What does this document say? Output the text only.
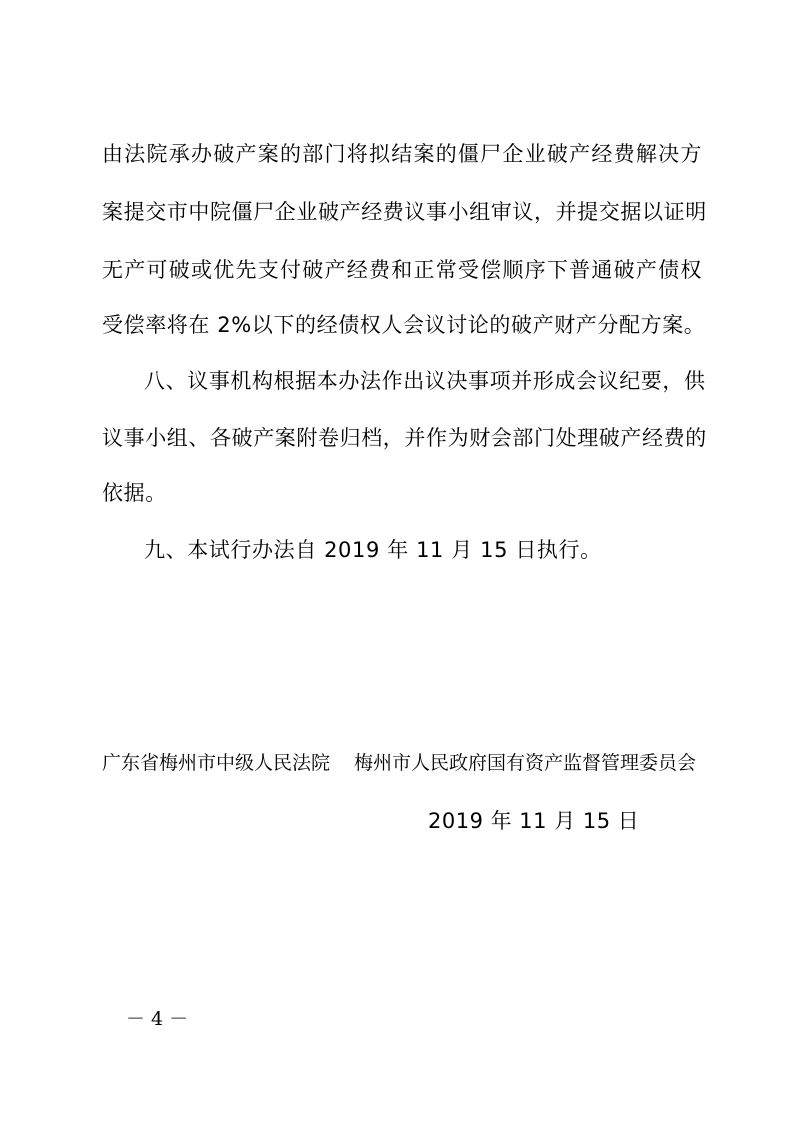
由法院承办破产案的部门将拟结案的僵尸企业破产经费解决方
案提交市中院僵尸企业破产经费议事小组审议，并提交据以证明
无产可破或优先支付破产经费和正常受偿顺序下普通破产债权
受偿率将在 2%以下的经债权人会议讨论的破产财产分配方案。
八、议事机构根据本办法作出议决事项并形成会议纪要，供
议事小组、各破产案附卷归档，并作为财会部门处理破产经费的
依据。
九、本试行办法自 2019 年 11 月 15 日执行。
广东省梅州市中级人民法院 梅州市人民政府国有资产监督管理委员会
2019 年 11 月 15 日
－ 4 －
